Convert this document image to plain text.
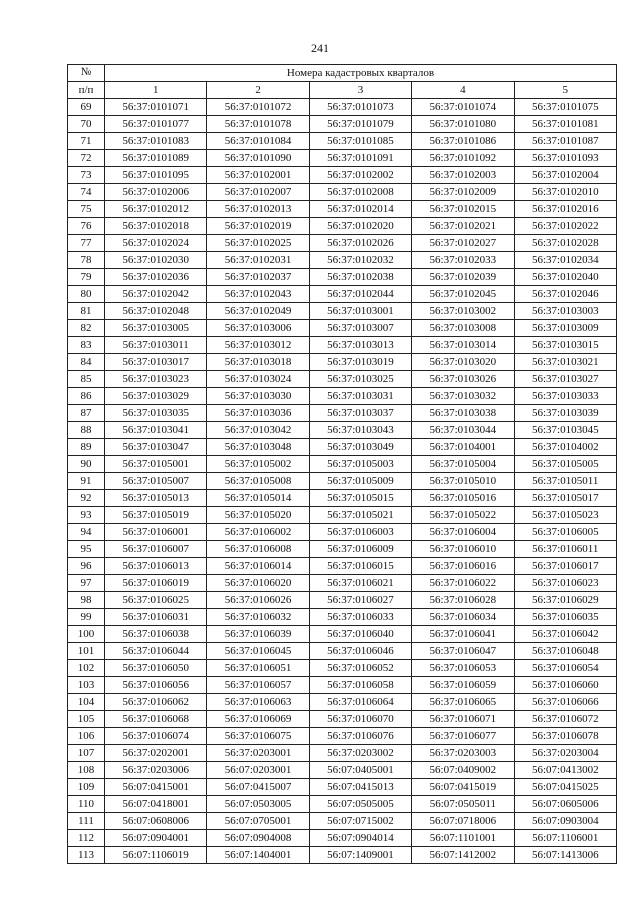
241
№	Номера кадастровых кварталов				
п/п	1	2	3	4	5
69	56:37:0101071	56:37:0101072	56:37:0101073	56:37:0101074	56:37:0101075
70	56:37:0101077	56:37:0101078	56:37:0101079	56:37:0101080	56:37:0101081
71	56:37:0101083	56:37:0101084	56:37:0101085	56:37:0101086	56:37:0101087
72	56:37:0101089	56:37:0101090	56:37:0101091	56:37:0101092	56:37:0101093
73	56:37:0101095	56:37:0102001	56:37:0102002	56:37:0102003	56:37:0102004
74	56:37:0102006	56:37:0102007	56:37:0102008	56:37:0102009	56:37:0102010
75	56:37:0102012	56:37:0102013	56:37:0102014	56:37:0102015	56:37:0102016
76	56:37:0102018	56:37:0102019	56:37:0102020	56:37:0102021	56:37:0102022
77	56:37:0102024	56:37:0102025	56:37:0102026	56:37:0102027	56:37:0102028
78	56:37:0102030	56:37:0102031	56:37:0102032	56:37:0102033	56:37:0102034
79	56:37:0102036	56:37:0102037	56:37:0102038	56:37:0102039	56:37:0102040
80	56:37:0102042	56:37:0102043	56:37:0102044	56:37:0102045	56:37:0102046
81	56:37:0102048	56:37:0102049	56:37:0103001	56:37:0103002	56:37:0103003
82	56:37:0103005	56:37:0103006	56:37:0103007	56:37:0103008	56:37:0103009
83	56:37:0103011	56:37:0103012	56:37:0103013	56:37:0103014	56:37:0103015
84	56:37:0103017	56:37:0103018	56:37:0103019	56:37:0103020	56:37:0103021
85	56:37:0103023	56:37:0103024	56:37:0103025	56:37:0103026	56:37:0103027
86	56:37:0103029	56:37:0103030	56:37:0103031	56:37:0103032	56:37:0103033
87	56:37:0103035	56:37:0103036	56:37:0103037	56:37:0103038	56:37:0103039
88	56:37:0103041	56:37:0103042	56:37:0103043	56:37:0103044	56:37:0103045
89	56:37:0103047	56:37:0103048	56:37:0103049	56:37:0104001	56:37:0104002
90	56:37:0105001	56:37:0105002	56:37:0105003	56:37:0105004	56:37:0105005
91	56:37:0105007	56:37:0105008	56:37:0105009	56:37:0105010	56:37:0105011
92	56:37:0105013	56:37:0105014	56:37:0105015	56:37:0105016	56:37:0105017
93	56:37:0105019	56:37:0105020	56:37:0105021	56:37:0105022	56:37:0105023
94	56:37:0106001	56:37:0106002	56:37:0106003	56:37:0106004	56:37:0106005
95	56:37:0106007	56:37:0106008	56:37:0106009	56:37:0106010	56:37:0106011
96	56:37:0106013	56:37:0106014	56:37:0106015	56:37:0106016	56:37:0106017
97	56:37:0106019	56:37:0106020	56:37:0106021	56:37:0106022	56:37:0106023
98	56:37:0106025	56:37:0106026	56:37:0106027	56:37:0106028	56:37:0106029
99	56:37:0106031	56:37:0106032	56:37:0106033	56:37:0106034	56:37:0106035
100	56:37:0106038	56:37:0106039	56:37:0106040	56:37:0106041	56:37:0106042
101	56:37:0106044	56:37:0106045	56:37:0106046	56:37:0106047	56:37:0106048
102	56:37:0106050	56:37:0106051	56:37:0106052	56:37:0106053	56:37:0106054
103	56:37:0106056	56:37:0106057	56:37:0106058	56:37:0106059	56:37:0106060
104	56:37:0106062	56:37:0106063	56:37:0106064	56:37:0106065	56:37:0106066
105	56:37:0106068	56:37:0106069	56:37:0106070	56:37:0106071	56:37:0106072
106	56:37:0106074	56:37:0106075	56:37:0106076	56:37:0106077	56:37:0106078
107	56:37:0202001	56:37:0203001	56:37:0203002	56:37:0203003	56:37:0203004
108	56:37:0203006	56:07:0203001	56:07:0405001	56:07:0409002	56:07:0413002
109	56:07:0415001	56:07:0415007	56:07:0415013	56:07:0415019	56:07:0415025
110	56:07:0418001	56:07:0503005	56:07:0505005	56:07:0505011	56:07:0605006
111	56:07:0608006	56:07:0705001	56:07:0715002	56:07:0718006	56:07:0903004
112	56:07:0904001	56:07:0904008	56:07:0904014	56:07:1101001	56:07:1106001
113	56:07:1106019	56:07:1404001	56:07:1409001	56:07:1412002	56:07:1413006
